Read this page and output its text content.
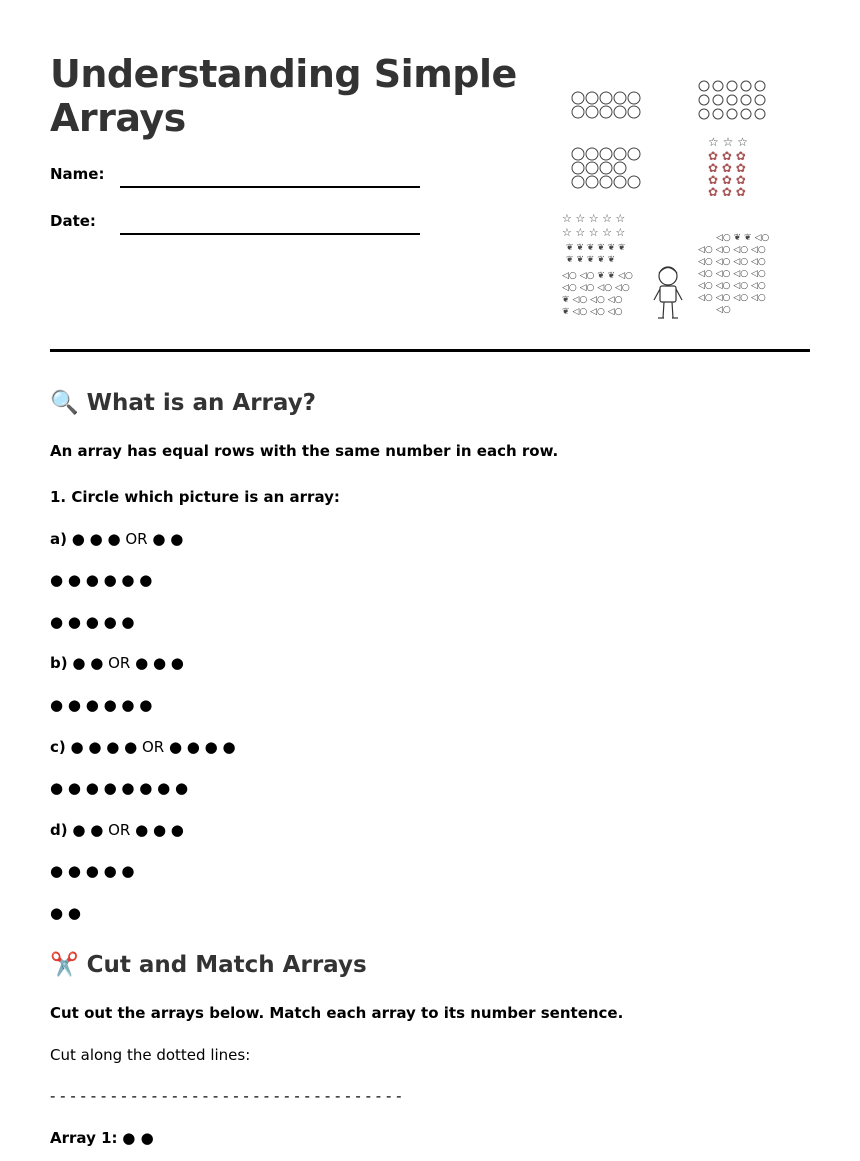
Understanding Simple
Arrays
Name:
Date:
☆ ☆ ☆
✿ ✿ ✿
✿ ✿ ✿
✿ ✿ ✿
✿ ✿ ✿
☆ ☆ ☆ ☆ ☆
☆ ☆ ☆ ☆ ☆
❦ ❦ ❦ ❦ ❦ ❦
❦ ❦ ❦ ❦ ❦
◁○ ◁○ ❦ ❦ ◁○
◁○ ◁○ ◁○ ◁○
❦ ◁○ ◁○ ◁○
❦ ◁○ ◁○ ◁○
◁○ ❦ ❦ ◁○
◁○ ◁○ ◁○ ◁○
◁○ ◁○ ◁○ ◁○
◁○ ◁○ ◁○ ◁○
◁○ ◁○ ◁○ ◁○
◁○ ◁○ ◁○ ◁○
◁○
🔍 What is an Array?
An array has equal rows with the same number in each row.
1. Circle which picture is an array:
a) ● ● ● OR ● ●
● ● ● ● ● ●
● ● ● ● ●
b) ● ● OR ● ● ●
● ● ● ● ● ●
c) ● ● ● ● OR ● ● ● ●
● ● ● ● ● ● ● ●
d) ● ● OR ● ● ●
● ● ● ● ●
● ●
✂️ Cut and Match Arrays
Cut out the arrays below. Match each array to its number sentence.
Cut along the dotted lines:
- - - - - - - - - - - - - - - - - - - - - - - - - - - - - - - - - - -
Array 1: ● ●
